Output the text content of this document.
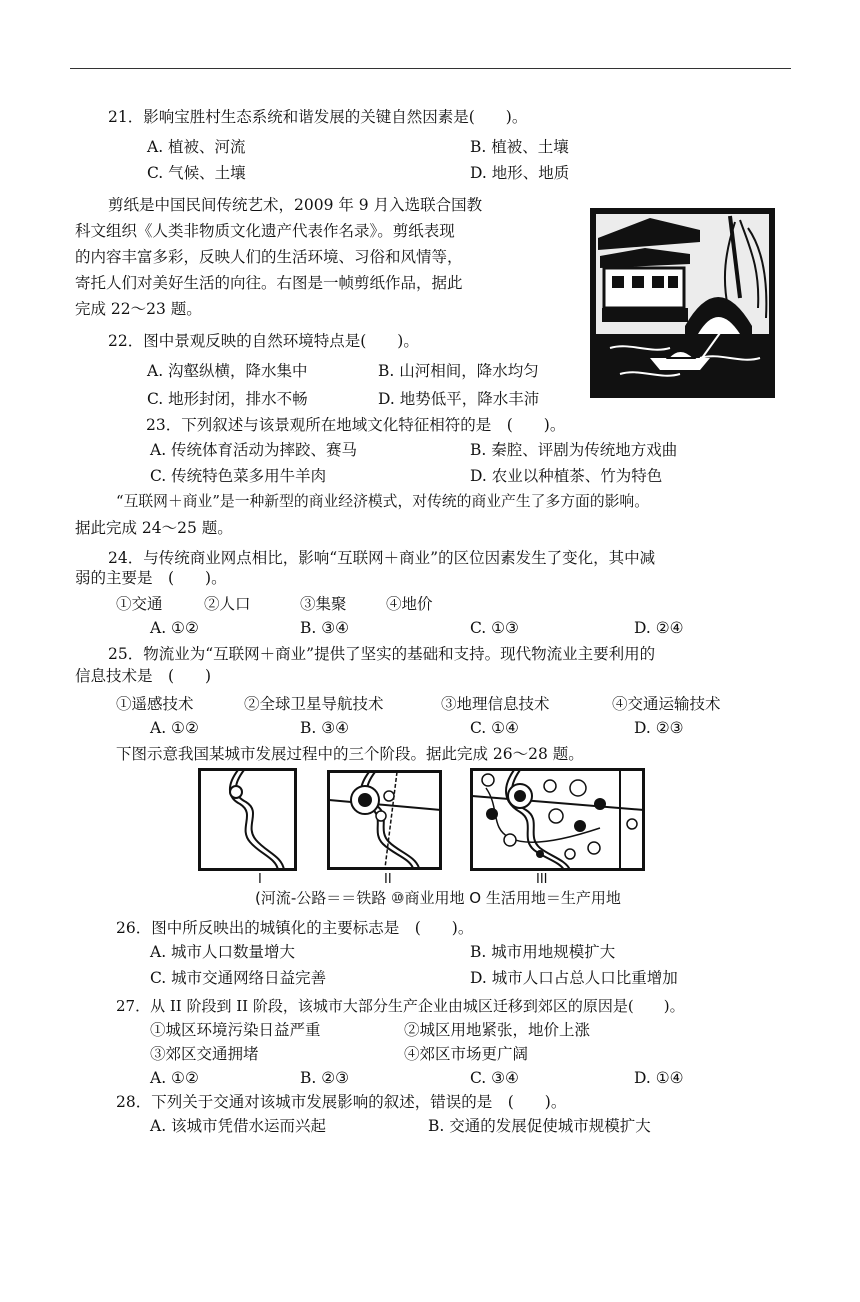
21．影响宝胜村生态系统和谐发展的关键自然因素是(　　)。
A. 植被、河流	B. 植被、土壤
C. 气候、土壤	D. 地形、地质
剪纸是中国民间传统艺术，2009 年 9 月入选联合国教
科文组织《人类非物质文化遗产代表作名录》。剪纸表现
的内容丰富多彩，反映人们的生活环境、习俗和风情等，
寄托人们对美好生活的向往。右图是一帧剪纸作品，据此
完成 22～23 题。
22．图中景观反映的自然环境特点是(　　)。
A. 沟壑纵横，降水集中	B. 山河相间，降水均匀
C. 地形封闭，排水不畅	D. 地势低平，降水丰沛
23．下列叙述与该景观所在地域文化特征相符的是　(　　)。
A. 传统体育活动为摔跤、赛马	B. 秦腔、评剧为传统地方戏曲
C. 传统特色菜多用牛羊肉	D. 农业以种植茶、竹为特色
“互联网＋商业”是一种新型的商业经济模式，对传统的商业产生了多方面的影响。
据此完成 24～25 题。
24．与传统商业网点相比，影响“互联网＋商业”的区位因素发生了变化，其中减
弱的主要是　(　　)。
①交通	②人口	③集聚	④地价
A. ①②	B. ③④	C. ①③	D. ②④
25．物流业为“互联网＋商业”提供了坚实的基础和支持。现代物流业主要利用的
信息技术是　(　　)
①遥感技术	②全球卫星导航技术	③地理信息技术	④交通运输技术
A. ①②	B. ③④	C. ①④	D. ②③
下图示意我国某城市发展过程中的三个阶段。据此完成 26～28 题。
-
I	II	III
(河流-公路＝＝铁路 ⑩商业用地 O 生活用地＝生产用地
26．图中所反映出的城镇化的主要标志是　(　　)。
A. 城市人口数量增大	B. 城市用地规模扩大
C. 城市交通网络日益完善	D. 城市人口占总人口比重增加
27．从 II 阶段到 II 阶段，该城市大部分生产企业由城区迁移到郊区的原因是(　　)。
①城区环境污染日益严重	②城区用地紧张，地价上涨
③郊区交通拥堵	④郊区市场更广阔
A. ①②	B. ②③	C. ③④	D. ①④
28．下列关于交通对该城市发展影响的叙述，错误的是　(　　)。
A. 该城市凭借水运而兴起	B. 交通的发展促使城市规模扩大
